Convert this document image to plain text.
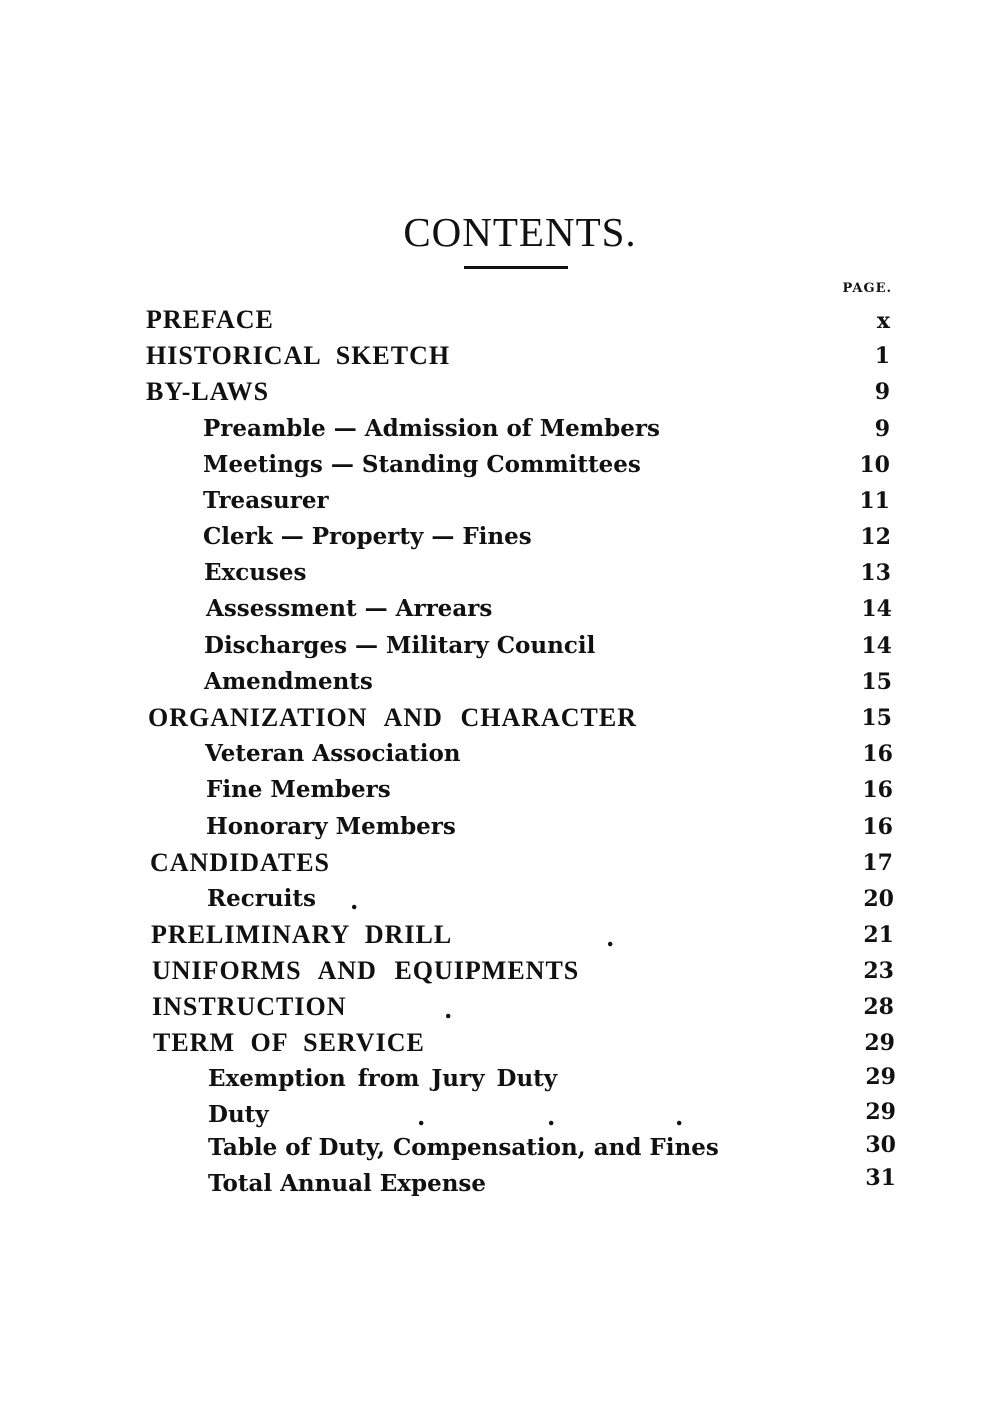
CONTENTS.
PAGE.
PREFACE	x
HISTORICAL SKETCH	1
BY-LAWS	9
Preamble — Admission of Members	9
Meetings — Standing Committees	10
Treasurer	11
Clerk — Property — Fines	12
Excuses	13
Assessment — Arrears	14
Discharges — Military Council	14
Amendments	15
ORGANIZATION AND CHARACTER	15
Veteran Association	16
Fine Members	16
Honorary Members	16
CANDIDATES	17
Recruits .	20
PRELIMINARY DRILL	.	21
UNIFORMS AND EQUIPMENTS	23
INSTRUCTION	.	28
TERM OF SERVICE	29
Exemption from Jury Duty	29
Duty	.	.	.	29
Table of Duty, Compensation, and Fines	30
Total Annual Expense	31
